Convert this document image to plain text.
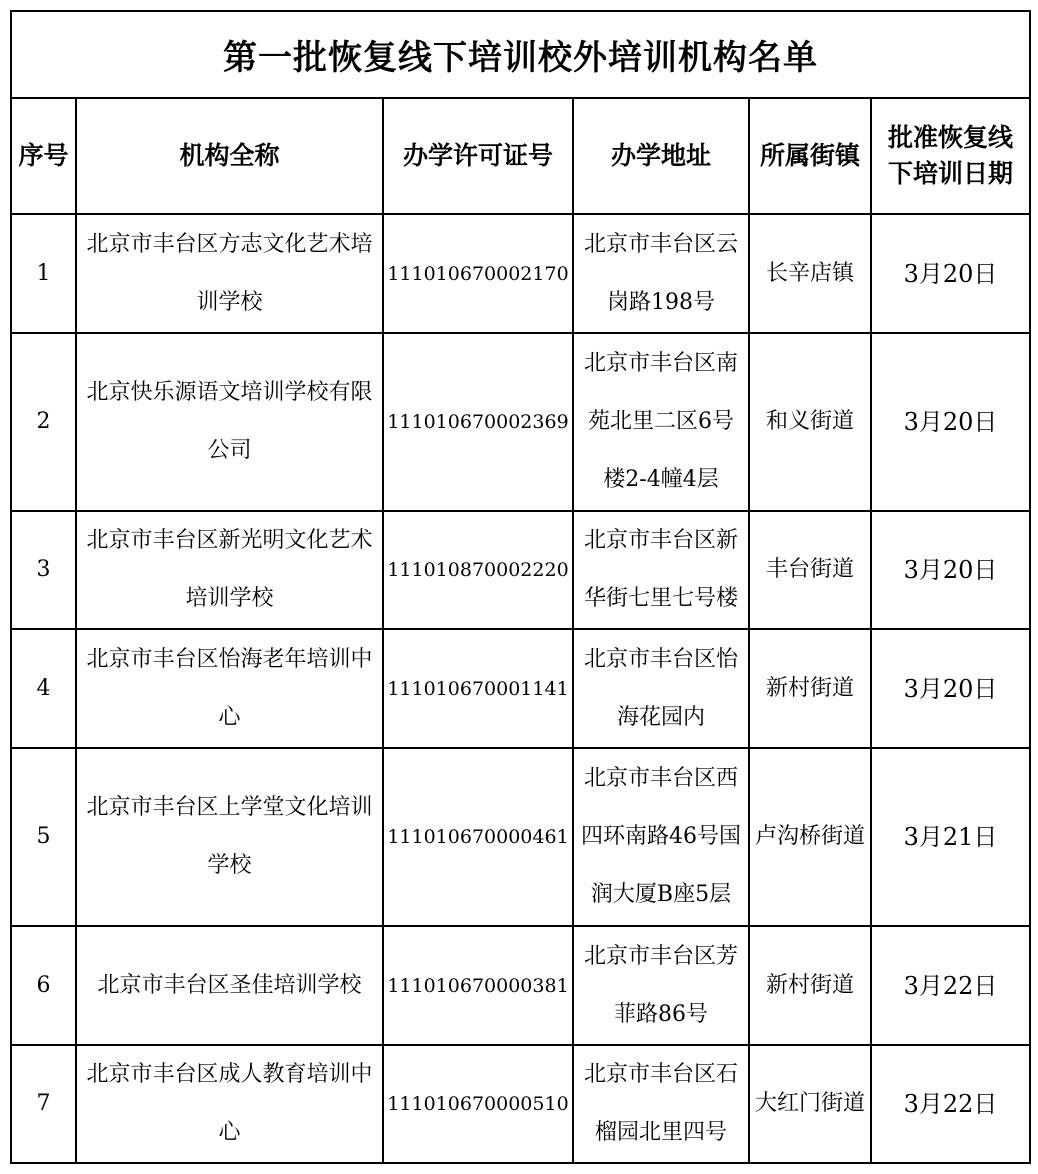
第一批恢复线下培训校外培训机构名单					
序号	机构全称	办学许可证号	办学地址	所属街镇	批准恢复线下培训日期
1	北京市丰台区方志文化艺术培训学校	111010670002170	北京市丰台区云岗路198号	长辛店镇	3月20日
2	北京快乐源语文培训学校有限公司	111010670002369	北京市丰台区南苑北里二区6号楼2-4幢4层	和义街道	3月20日
3	北京市丰台区新光明文化艺术培训学校	111010870002220	北京市丰台区新华街七里七号楼	丰台街道	3月20日
4	北京市丰台区怡海老年培训中心	111010670001141	北京市丰台区怡海花园内	新村街道	3月20日
5	北京市丰台区上学堂文化培训学校	111010670000461	北京市丰台区西四环南路46号国润大厦B座5层	卢沟桥街道	3月21日
6	北京市丰台区圣佳培训学校	111010670000381	北京市丰台区芳菲路86号	新村街道	3月22日
7	北京市丰台区成人教育培训中心	111010670000510	北京市丰台区石榴园北里四号	大红门街道	3月22日
